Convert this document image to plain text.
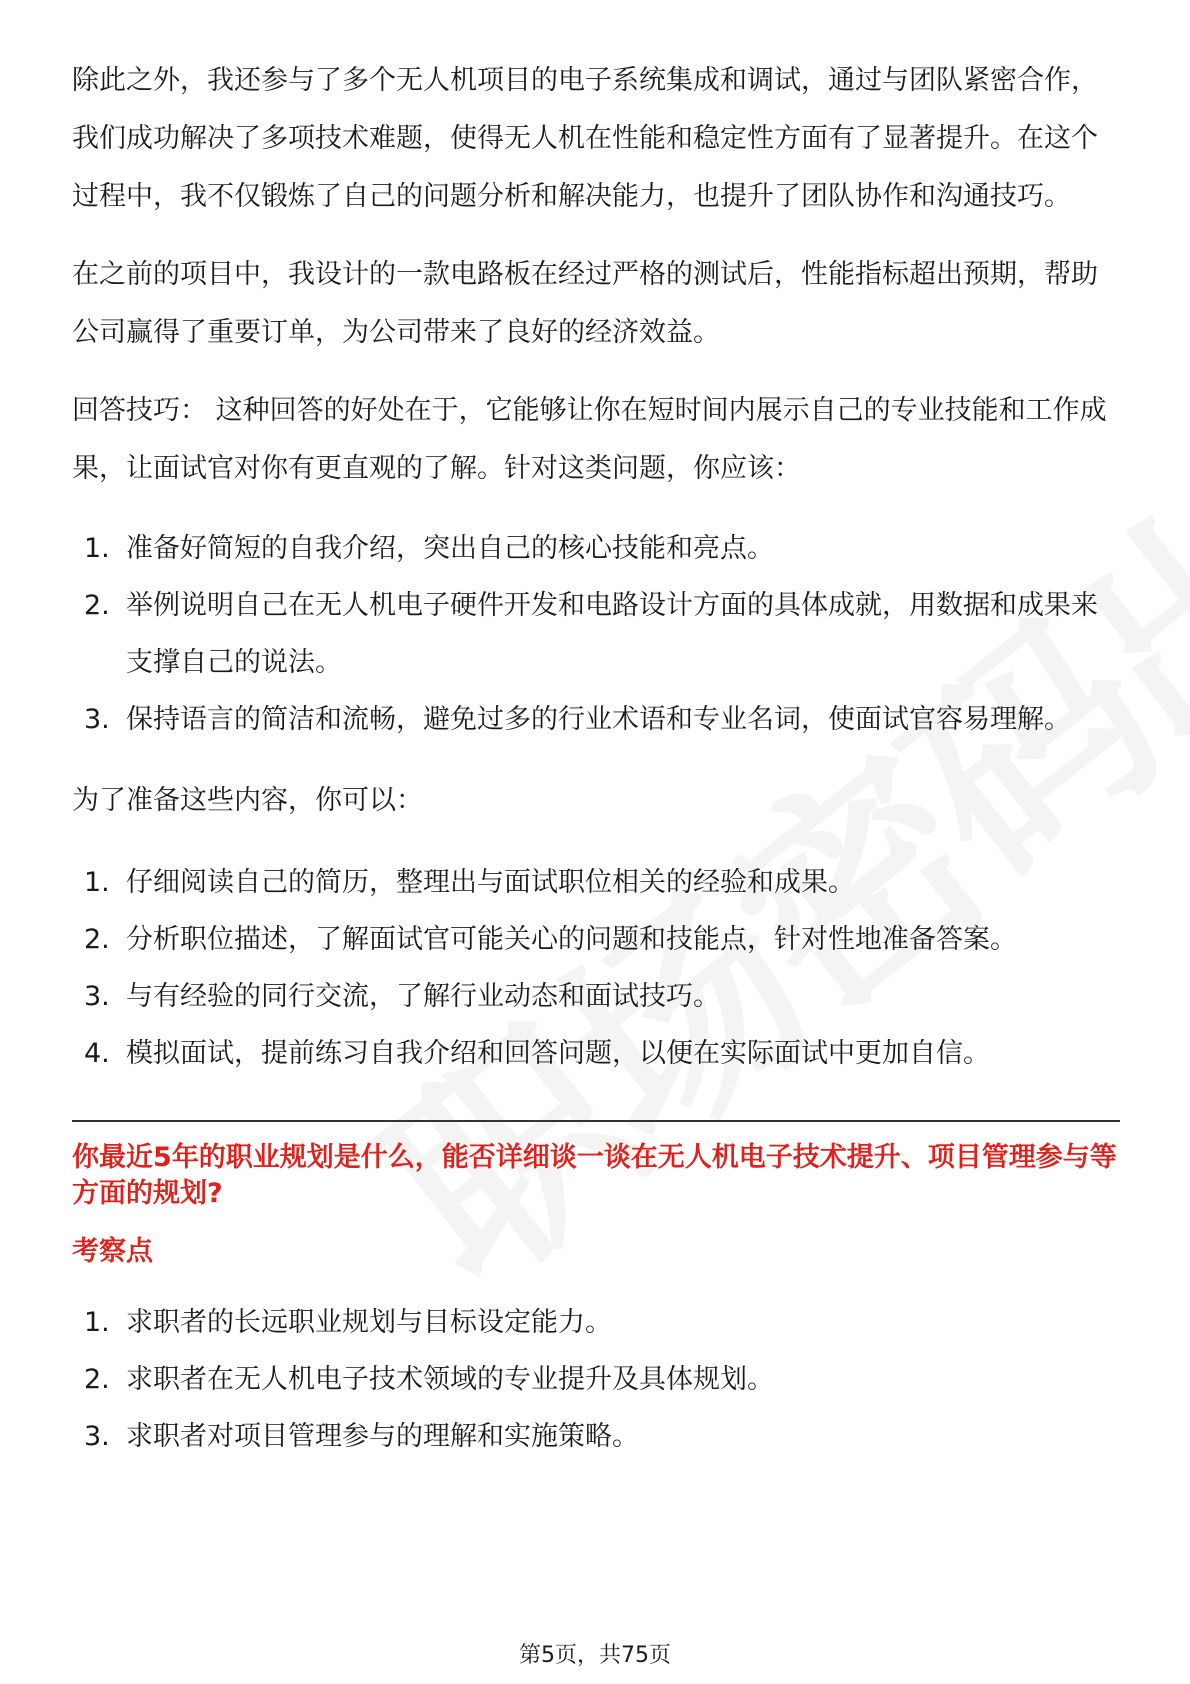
除此之外，我还参与了多个无人机项目的电子系统集成和调试，通过与团队紧密合作，我们成功解决了多项技术难题，使得无人机在性能和稳定性方面有了显著提升。在这个过程中，我不仅锻炼了自己的问题分析和解决能力，也提升了团队协作和沟通技巧。

在之前的项目中，我设计的一款电路板在经过严格的测试后，性能指标超出预期，帮助公司赢得了重要订单，为公司带来了良好的经济效益。

回答技巧： 这种回答的好处在于，它能够让你在短时间内展示自己的专业技能和工作成果，让面试官对你有更直观的了解。针对这类问题，你应该：

1. 准备好简短的自我介绍，突出自己的核心技能和亮点。
2. 举例说明自己在无人机电子硬件开发和电路设计方面的具体成就，用数据和成果来支撑自己的说法。
3. 保持语言的简洁和流畅，避免过多的行业术语和专业名词，使面试官容易理解。

为了准备这些内容，你可以：

1. 仔细阅读自己的简历，整理出与面试职位相关的经验和成果。
2. 分析职位描述，了解面试官可能关心的问题和技能点，针对性地准备答案。
3. 与有经验的同行交流，了解行业动态和面试技巧。
4. 模拟面试，提前练习自我介绍和回答问题，以便在实际面试中更加自信。

你最近5年的职业规划是什么，能否详细谈一谈在无人机电子技术提升、项目管理参与等方面的规划?

考察点

1. 求职者的长远职业规划与目标设定能力。
2. 求职者在无人机电子技术领域的专业提升及具体规划。
3. 求职者对项目管理参与的理解和实施策略。
第5页，共75页
